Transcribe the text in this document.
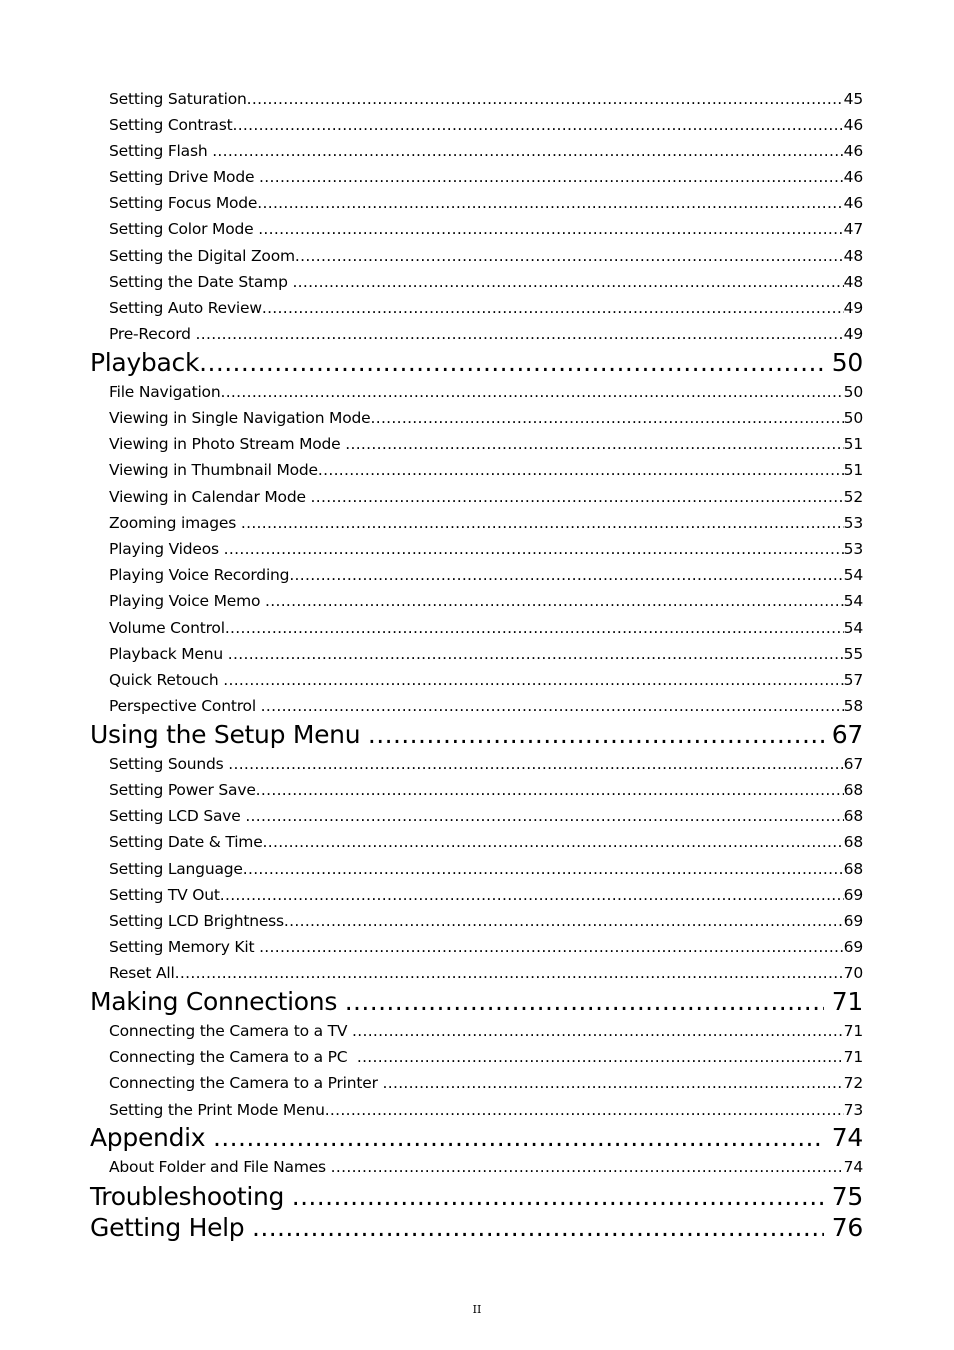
Setting Saturation .....	45
Setting Contrast .....	46
Setting Flash .....	46
Setting Drive Mode .....	46
Setting Focus Mode .....	46
Setting Color Mode .....	47
Setting the Digital Zoom .....	48
Setting the Date Stamp .....	48
Setting Auto Review .....	49
Pre-Record .....	49
Playback .....	50
File Navigation .....	50
Viewing in Single Navigation Mode .....	50
Viewing in Photo Stream Mode .....	51
Viewing in Thumbnail Mode .....	51
Viewing in Calendar Mode .....	52
Zooming images .....	53
Playing Videos .....	53
Playing Voice Recording .....	54
Playing Voice Memo .....	54
Volume Control .....	54
Playback Menu .....	55
Quick Retouch .....	57
Perspective Control .....	58
Using the Setup Menu .....	67
Setting Sounds .....	67
Setting Power Save .....	68
Setting LCD Save .....	68
Setting Date & Time .....	68
Setting Language .....	68
Setting TV Out .....	69
Setting LCD Brightness .....	69
Setting Memory Kit .....	69
Reset All .....	70
Making Connections .....	71
Connecting the Camera to a TV .....	71
Connecting the Camera to a PC .....	71
Connecting the Camera to a Printer .....	72
Setting the Print Mode Menu .....	73
Appendix .....	74
About Folder and File Names .....	74
Troubleshooting .....	75
Getting Help .....	76
II
